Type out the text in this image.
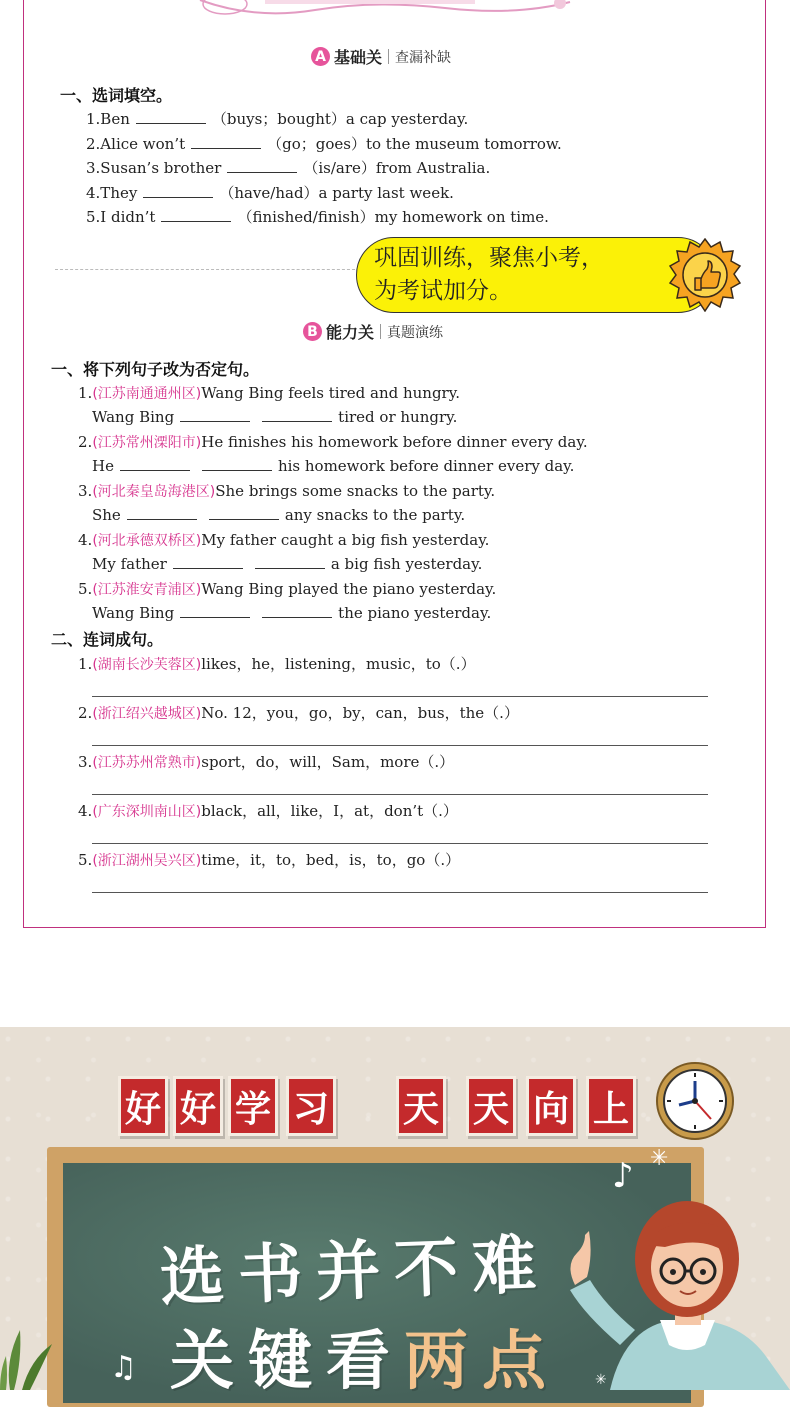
A 基础关 查漏补缺
一、选词填空。
1.Ben	（buys；bought）a cap yesterday.
2.Alice won’t	（go；goes）to the museum tomorrow.
3.Susan’s brother	（is/are）from Australia.
4.They	（have/had）a party last week.
5.I didn’t	（finished/finish）my homework on time.
巩固训练，聚焦小考，
为考试加分。
B 能力关 真题演练
一、将下列句子改为否定句。
1.(江苏南通通州区)Wang Bing feels tired and hungry.
Wang Bing	tired or hungry.
2.(江苏常州溧阳市)He finishes his homework before dinner every day.
He	his homework before dinner every day.
3.(河北秦皇岛海港区)She brings some snacks to the party.
She	any snacks to the party.
4.(河北承德双桥区)My father caught a big fish yesterday.
My father	a big fish yesterday.
5.(江苏淮安青浦区)Wang Bing played the piano yesterday.
Wang Bing	the piano yesterday.
二、连词成句。
1.(湖南长沙芙蓉区)likes，he，listening，music，to（.）
2.(浙江绍兴越城区)No. 12，you，go，by，can，bus，the（.）
3.(江苏苏州常熟市)sport，do，will，Sam，more（.）
4.(广东深圳南山区)black，all，like，I，at，don’t（.）
5.(浙江湖州吴兴区)time，it，to，bed，is，to，go（.）
好 好 学 习 天 天 向 上
选书并不难
关键看两点
♪
♫
✳
✳
